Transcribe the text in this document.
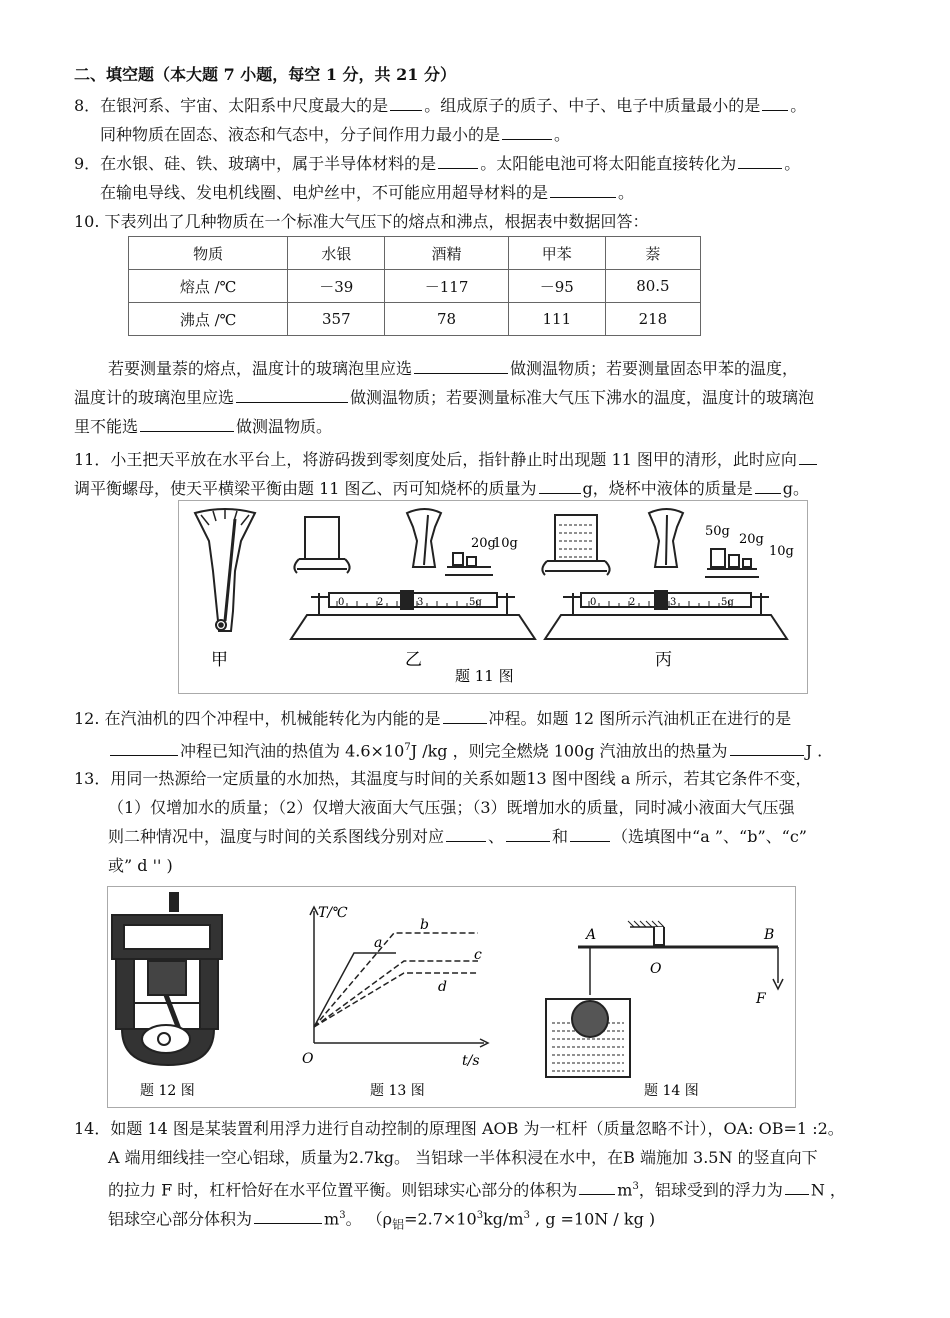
二、填空题（本大题 7 小题，每空 1 分，共 21 分）
8．在银河系、宇宙、太阳系中尺度最大的是 。组成原子的质子、中子、电子中质量最小的是 。
同种物质在固态、液态和气态中，分子间作用力最小的是	。
9．在水银、硅、铁、玻璃中，属于半导体材料的是	。太阳能电池可将太阳能直接转化为	。
在输电导线、发电机线圈、电炉丝中，不可能应用超导材料的是	。
10. 下表列出了几种物质在一个标准大气压下的熔点和沸点，根据表中数据回答：
物质	水银	酒精	甲苯	萘
熔点 /℃	－39	－117	－95	80.5
沸点 /℃	357	78	111	218
若要测量萘的熔点，温度计的玻璃泡里应选	做测温物质；若要测量固态甲苯的温度，
温度计的玻璃泡里应选	做测温物质；若要测量标准大气压下沸水的温度，温度计的玻璃泡
里不能选	做测温物质。
11．小王把天平放在水平台上，将游码拨到零刻度处后，指针静止时出现题 11 图甲的清形，此时应向
调平衡螺母，使天平横梁平衡由题 11 图乙、丙可知烧杯的质量为	g，烧杯中液体的质量是 g。
甲
20g
10g
0	2	3	5g
乙
50g
20g
10g
0	2	3	5g
丙
题 11 图
12. 在汽油机的四个冲程中，机械能转化为内能的是	冲程。如题 12 图所示汽油机正在进行的是
冲程已知汽油的热值为 $4.6\times 10^7J$ /kg ，则完全燃烧 100g 汽油放出的热量为	J .
13．用同一热源给一定质量的水加热，其温度与时间的关系如题13 图中图线 a 所示，若其它条件不变，
（1）仅增加水的质量；（2）仅增大液面大气压强；（3）既增加水的质量，同时减小液面大气压强
则二种情况中，温度与时间的关系图线分别对应	、	和	（选填图中“a ”、“b”、“c”
或” d '' )
题 12 图
T/℃
t/s
O
a
b
c
d
题 13 图
A	B
O
F
题 14 图
14．如题 14 图是某装置利用浮力进行自动控制的原理图 AOB 为一杠杆（质量忽略不计），OA: OB=1 :2。
A 端用细线挂一空心铝球，质量为2.7kg。 当铝球一半体积浸在水中，在B 端施加 3.5N 的竖直向下
的拉力 F 时，杠杆恰好在水平位置平衡。则铝球实心部分的体积为	$m^3$，铝球受到的浮力为 N ，
铝球空心部分体积为	$m^3$。 （$\rho_铝=2.7\times 10^3kg/m^3$ , g =10N / kg )
